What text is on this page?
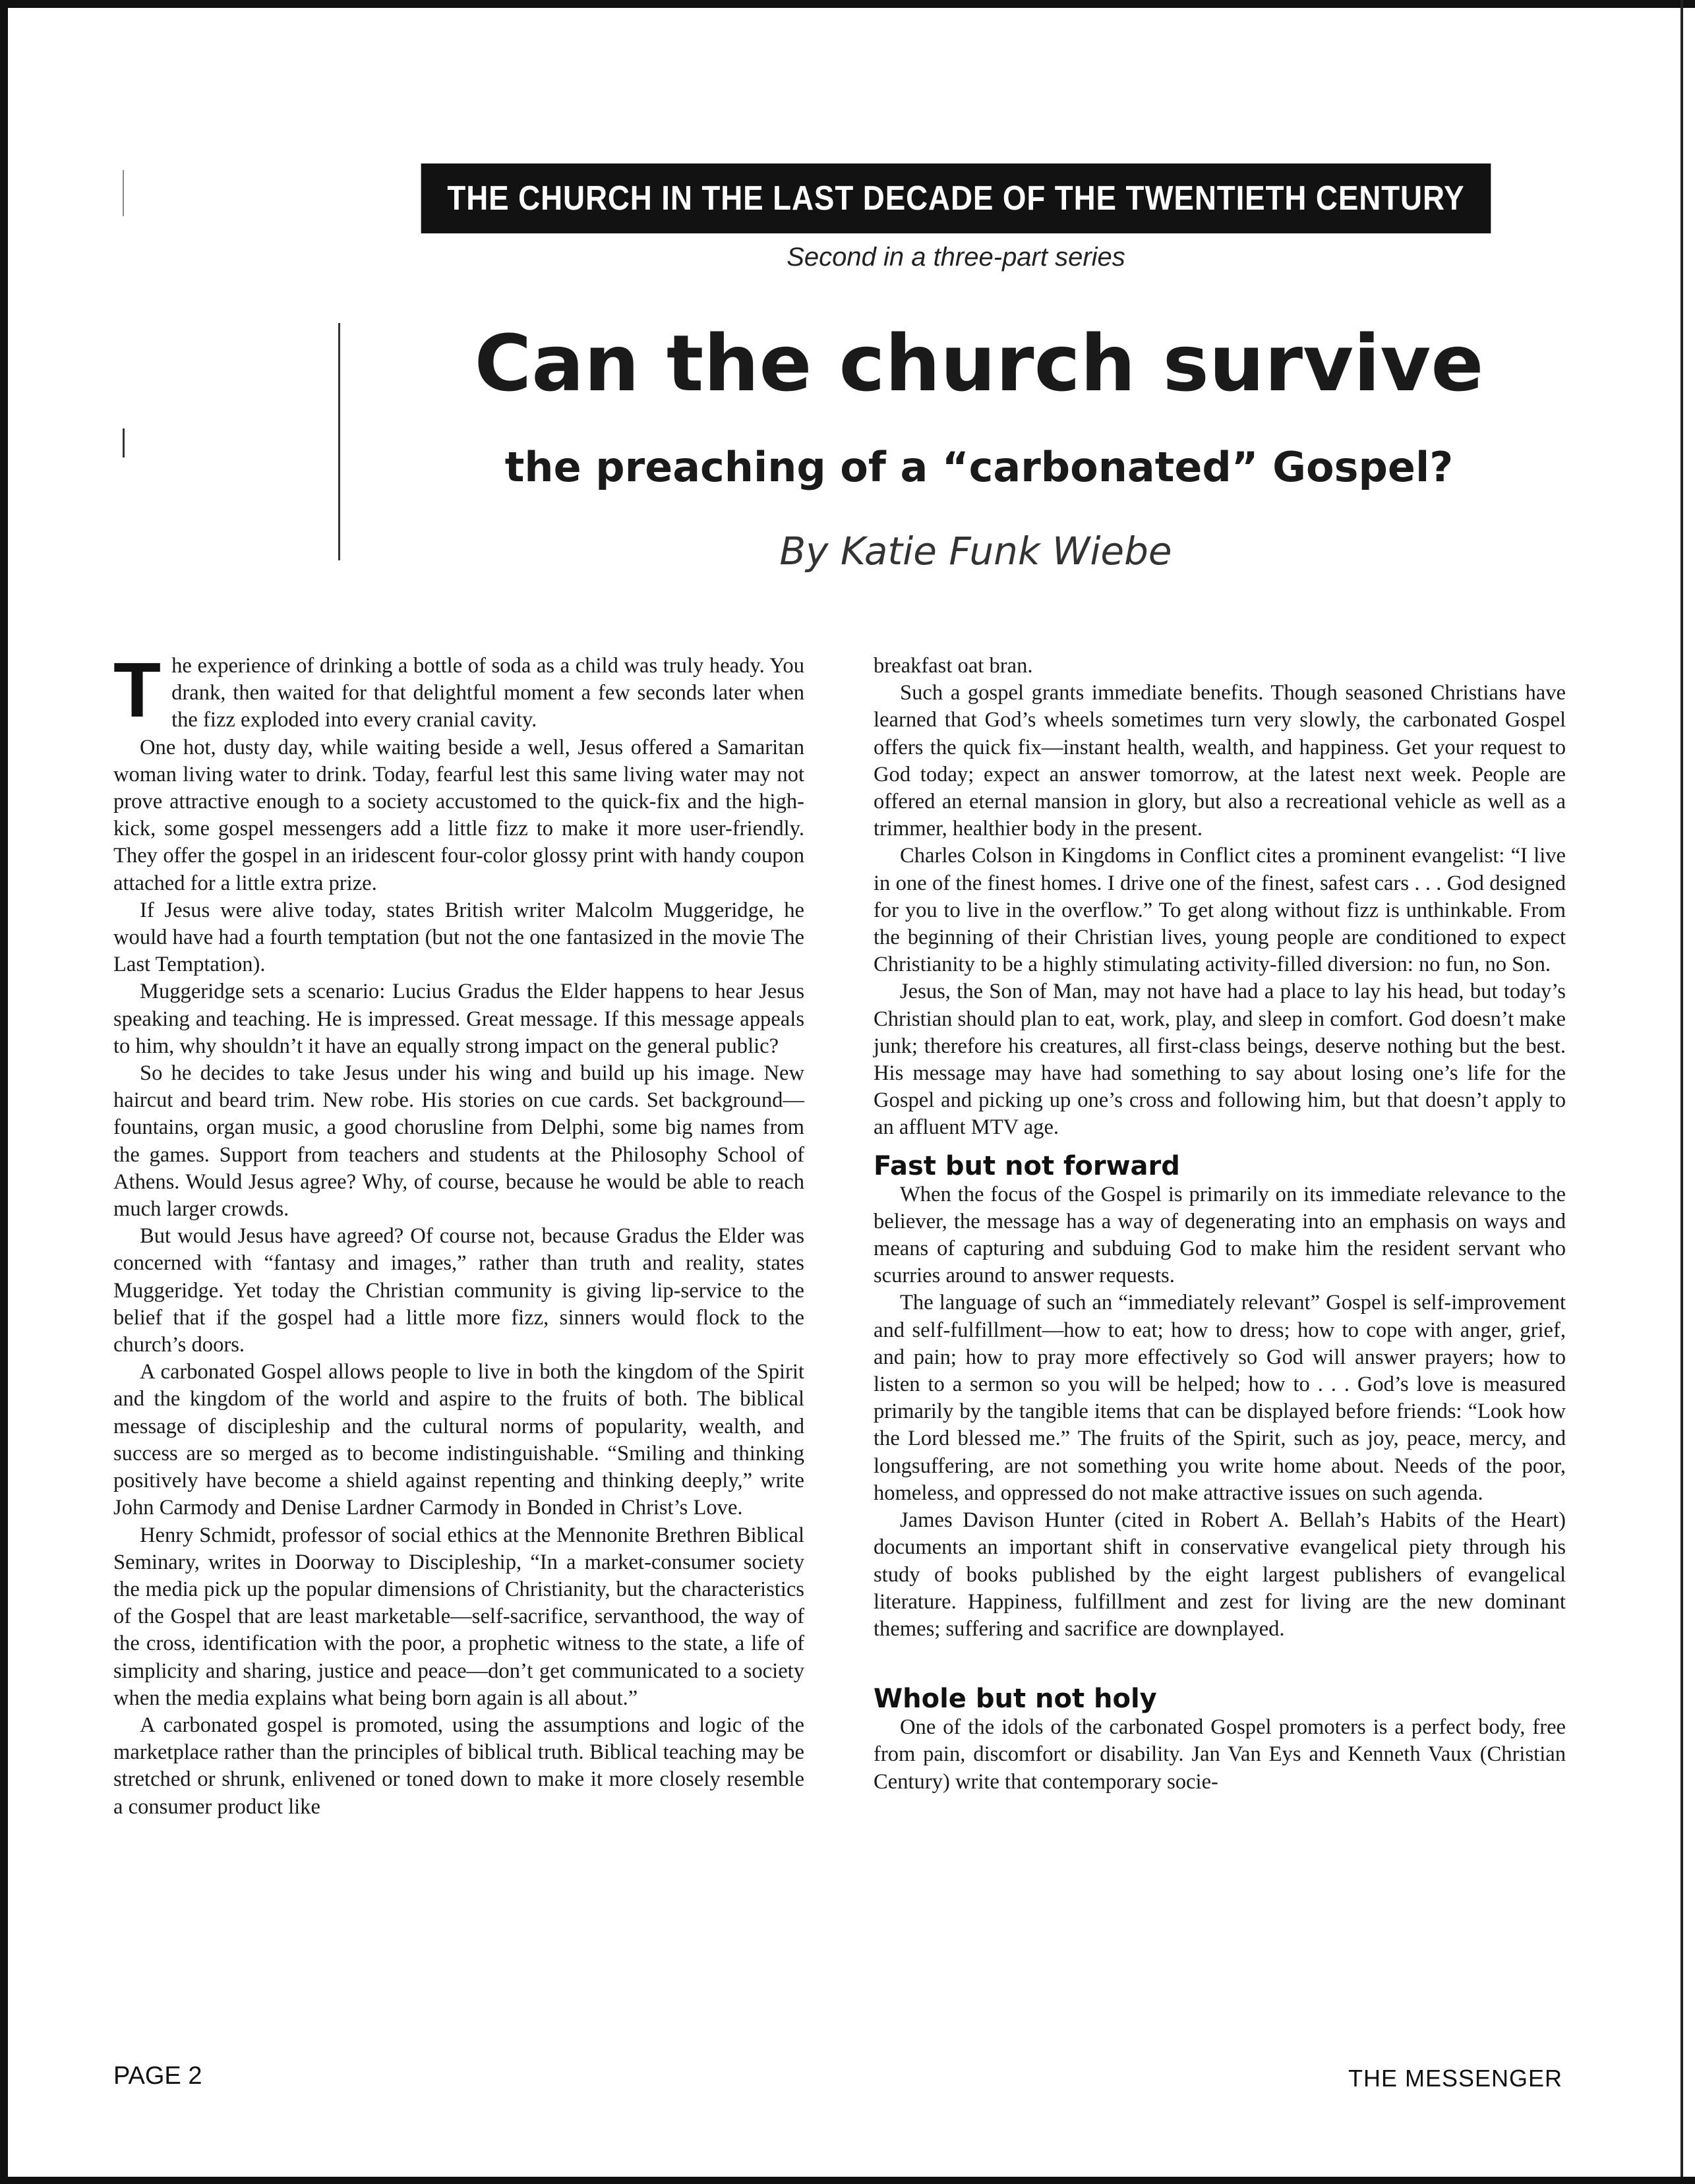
THE CHURCH IN THE LAST DECADE OF THE TWENTIETH CENTURY
Second in a three-part series
Can the church survive
the preaching of a “carbonated” Gospel?
By Katie Funk Wiebe

The experience of drinking a bottle of soda as a child was truly heady. You drank, then waited for that delightful moment a few seconds later when the fizz exploded into every cranial cavity.

One hot, dusty day, while waiting beside a well, Jesus offered a Samaritan woman living water to drink. Today, fearful lest this same living water may not prove attractive enough to a society accustomed to the quick-fix and the high-kick, some gospel messengers add a little fizz to make it more user-friendly. They offer the gospel in an iridescent four-color glossy print with handy coupon attached for a little extra prize.

If Jesus were alive today, states British writer Malcolm Muggeridge, he would have had a fourth temptation (but not the one fantasized in the movie The Last Temptation).

Muggeridge sets a scenario: Lucius Gradus the Elder happens to hear Jesus speaking and teaching. He is impressed. Great message. If this message appeals to him, why shouldn’t it have an equally strong impact on the general public?

So he decides to take Jesus under his wing and build up his image. New haircut and beard trim. New robe. His stories on cue cards. Set background—fountains, organ music, a good chorusline from Delphi, some big names from the games. Support from teachers and students at the Philosophy School of Athens. Would Jesus agree? Why, of course, because he would be able to reach much larger crowds.

But would Jesus have agreed? Of course not, because Gradus the Elder was concerned with “fantasy and images,” rather than truth and reality, states Muggeridge. Yet today the Christian community is giving lip-service to the belief that if the gospel had a little more fizz, sinners would flock to the church’s doors.

A carbonated Gospel allows people to live in both the kingdom of the Spirit and the kingdom of the world and aspire to the fruits of both. The biblical message of discipleship and the cultural norms of popularity, wealth, and success are so merged as to become indistinguishable. “Smiling and thinking positively have become a shield against repenting and thinking deeply,” write John Carmody and Denise Lardner Carmody in Bonded in Christ’s Love.

Henry Schmidt, professor of social ethics at the Mennonite Brethren Biblical Seminary, writes in Doorway to Discipleship, “In a market-consumer society the media pick up the popular dimensions of Christianity, but the characteristics of the Gospel that are least marketable—self-sacrifice, servanthood, the way of the cross, identification with the poor, a prophetic witness to the state, a life of simplicity and sharing, justice and peace—don’t get communicated to a society when the media explains what being born again is all about.”

A carbonated gospel is promoted, using the assumptions and logic of the marketplace rather than the principles of biblical truth. Biblical teaching may be stretched or shrunk, enlivened or toned down to make it more closely resemble a consumer product like

breakfast oat bran.

Such a gospel grants immediate benefits. Though seasoned Christians have learned that God’s wheels sometimes turn very slowly, the carbonated Gospel offers the quick fix—instant health, wealth, and happiness. Get your request to God today; expect an answer tomorrow, at the latest next week. People are offered an eternal mansion in glory, but also a recreational vehicle as well as a trimmer, healthier body in the present.

Charles Colson in Kingdoms in Conflict cites a prominent evangelist: “I live in one of the finest homes. I drive one of the finest, safest cars . . . God designed for you to live in the overflow.” To get along without fizz is unthinkable. From the beginning of their Christian lives, young people are conditioned to expect Christianity to be a highly stimulating activity-filled diversion: no fun, no Son.

Jesus, the Son of Man, may not have had a place to lay his head, but today’s Christian should plan to eat, work, play, and sleep in comfort. God doesn’t make junk; therefore his creatures, all first-class beings, deserve nothing but the best. His message may have had something to say about losing one’s life for the Gospel and picking up one’s cross and following him, but that doesn’t apply to an affluent MTV age.

Fast but not forward

When the focus of the Gospel is primarily on its immediate relevance to the believer, the message has a way of degenerating into an emphasis on ways and means of capturing and subduing God to make him the resident servant who scurries around to answer requests.

The language of such an “immediately relevant” Gospel is self-improvement and self-fulfillment—how to eat; how to dress; how to cope with anger, grief, and pain; how to pray more effectively so God will answer prayers; how to listen to a sermon so you will be helped; how to . . . God’s love is measured primarily by the tangible items that can be displayed before friends: “Look how the Lord blessed me.” The fruits of the Spirit, such as joy, peace, mercy, and longsuffering, are not something you write home about. Needs of the poor, homeless, and oppressed do not make attractive issues on such agenda.

James Davison Hunter (cited in Robert A. Bellah’s Habits of the Heart) documents an important shift in conservative evangelical piety through his study of books published by the eight largest publishers of evangelical literature. Happiness, fulfillment and zest for living are the new dominant themes; suffering and sacrifice are downplayed.

Whole but not holy

One of the idols of the carbonated Gospel promoters is a perfect body, free from pain, discomfort or disability. Jan Van Eys and Kenneth Vaux (Christian Century) write that contemporary socie-

PAGE 2	THE MESSENGER
